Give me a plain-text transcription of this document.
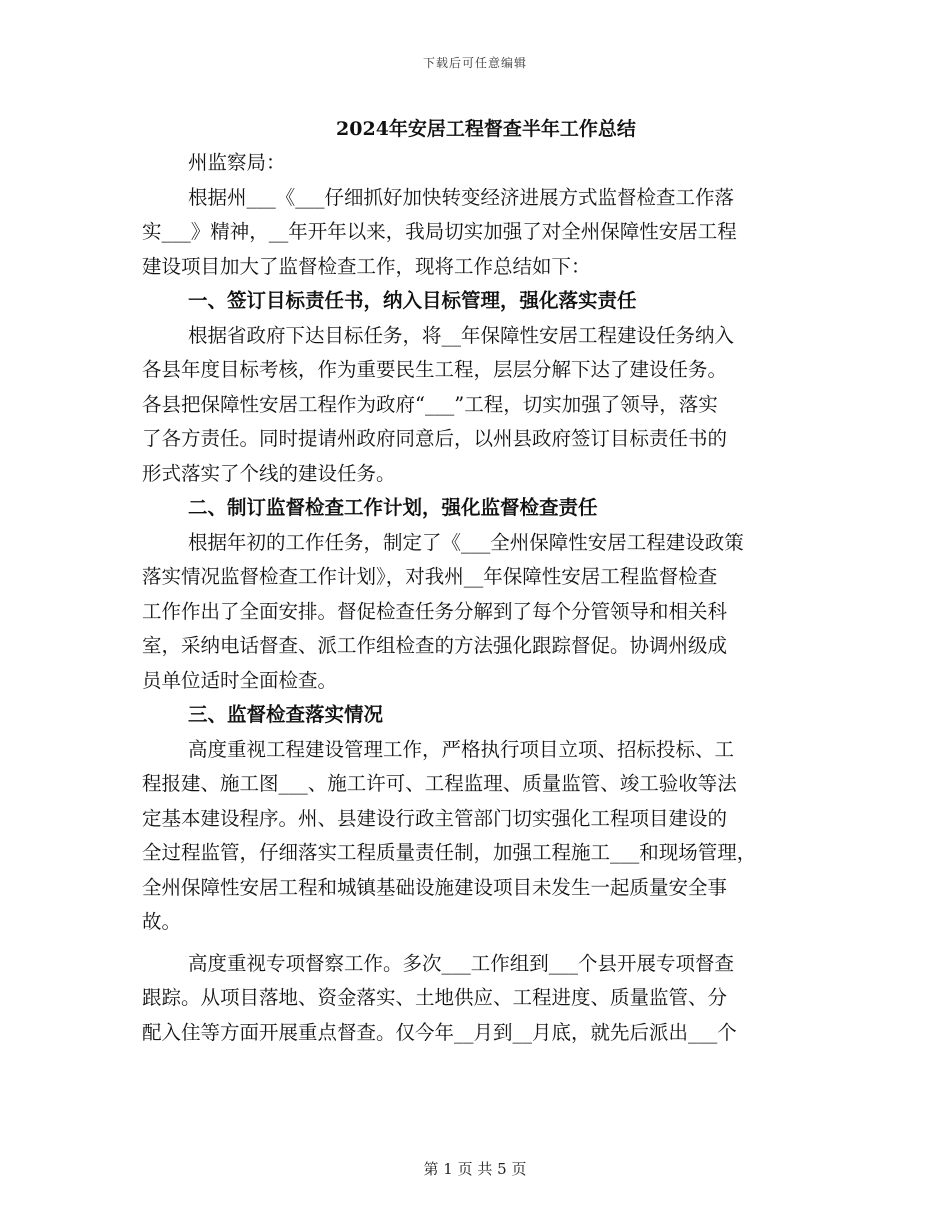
下载后可任意编辑
2024年安居工程督查半年工作总结
州监察局：
根据州___《___仔细抓好加快转变经济进展方式监督检查工作落
实___》精神，__年开年以来，我局切实加强了对全州保障性安居工程
建设项目加大了监督检查工作，现将工作总结如下：
一、签订目标责任书，纳入目标管理，强化落实责任
根据省政府下达目标任务，将__年保障性安居工程建设任务纳入
各县年度目标考核，作为重要民生工程，层层分解下达了建设任务。
各县把保障性安居工程作为政府“___”工程，切实加强了领导，落实
了各方责任。同时提请州政府同意后，以州县政府签订目标责任书的
形式落实了个线的建设任务。
二、制订监督检查工作计划，强化监督检查责任
根据年初的工作任务，制定了《___全州保障性安居工程建设政策
落实情况监督检查工作计划》，对我州__年保障性安居工程监督检查
工作作出了全面安排。督促检查任务分解到了每个分管领导和相关科
室，采纳电话督查、派工作组检查的方法强化跟踪督促。协调州级成
员单位适时全面检查。
三、监督检查落实情况
高度重视工程建设管理工作，严格执行项目立项、招标投标、工
程报建、施工图___、施工许可、工程监理、质量监管、竣工验收等法
定基本建设程序。州、县建设行政主管部门切实强化工程项目建设的
全过程监管，仔细落实工程质量责任制，加强工程施工___和现场管理，
全州保障性安居工程和城镇基础设施建设项目未发生一起质量安全事
故。
高度重视专项督察工作。多次___工作组到___个县开展专项督查
跟踪。从项目落地、资金落实、土地供应、工程进度、质量监管、分
配入住等方面开展重点督查。仅今年__月到__月底，就先后派出___个
第 1 页 共 5 页
